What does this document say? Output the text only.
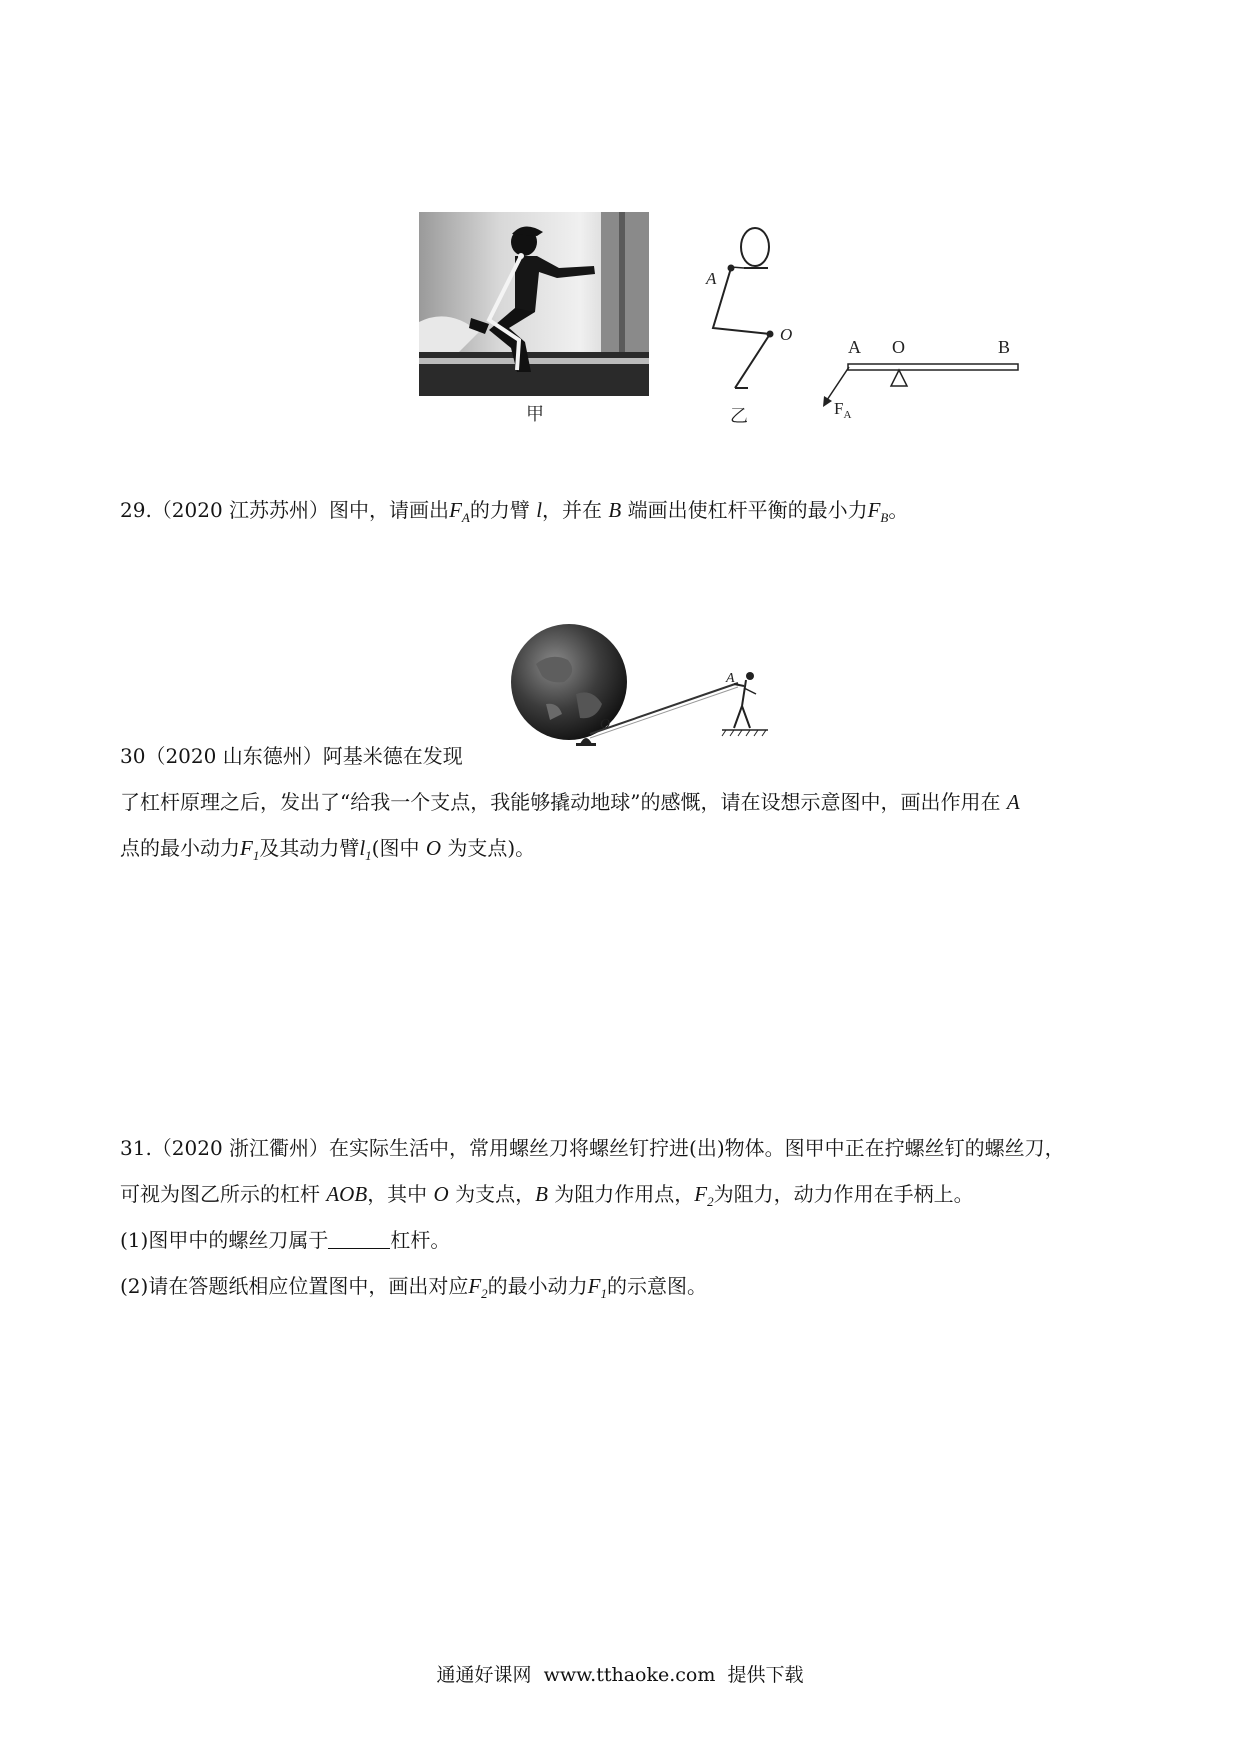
甲
A
O
乙
A O	B
$F_A$
29.（2020 江苏苏州）图中，请画出$F_A$的力臂 l，并在 B 端画出使杠杆平衡的最小力$F_B$。
A
O
30（2020 山东德州）阿基米德在发现
了杠杆原理之后，发出了“给我一个支点，我能够撬动地球”的感慨，请在设想示意图中，画出作用在 A
点的最小动力$F_1$及其动力臂$l_1$(图中 O 为支点)。
31.（2020 浙江衢州）在实际生活中，常用螺丝刀将螺丝钉拧进(出)物体。图甲中正在拧螺丝钉的螺丝刀，
可视为图乙所示的杠杆 AOB，其中 O 为支点，B 为阻力作用点，$F_2$为阻力，动力作用在手柄上。
(1)图甲中的螺丝刀属于	杠杆。
(2)请在答题纸相应位置图中，画出对应$F_2$的最小动力$F_1$的示意图。
通通好课网  www.tthaoke.com  提供下载
